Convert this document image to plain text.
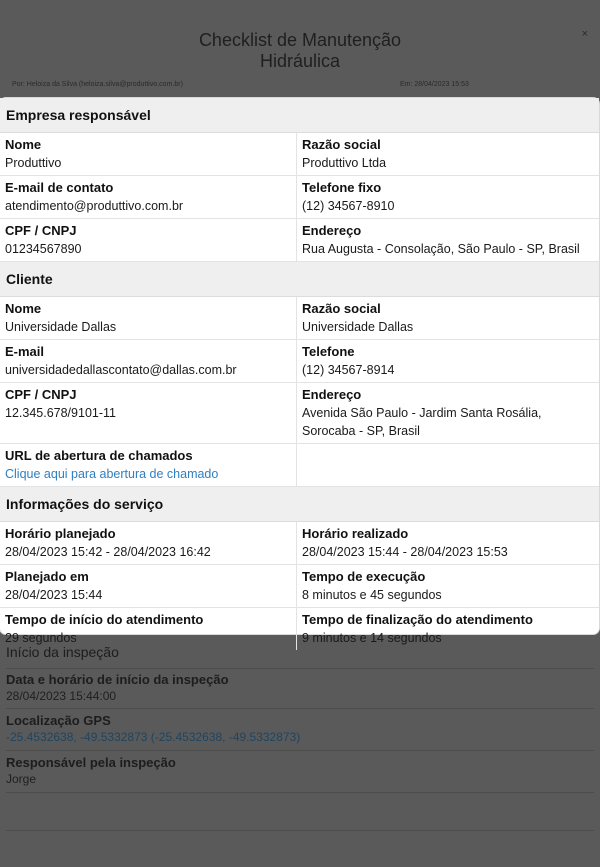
Checklist de Manutenção
Hidráulica
×
Por: Heloiza da Silva (heloiza.silva@produttivo.com.br)	Em: 28/04/2023 15:53
Início da inspeção
Data e horário de início da inspeção
28/04/2023 15:44:00
Localização GPS
-25.4532638, -49.5332873 (-25.4532638, -49.5332873)
Responsável pela inspeção
Jorge
Empresa responsável
Nome
Produttivo
Razão social
Produttivo Ltda
E-mail de contato
atendimento@produttivo.com.br
Telefone fixo
(12) 34567-8910
CPF / CNPJ
01234567890
Endereço
Rua Augusta - Consolação, São Paulo - SP, Brasil
Cliente
Nome
Universidade Dallas
Razão social
Universidade Dallas
E-mail
universidadedallascontato@dallas.com.br
Telefone
(12) 34567-8914
CPF / CNPJ
12.345.678/9101-11
Endereço
Avenida São Paulo - Jardim Santa Rosália,
Sorocaba - SP, Brasil
URL de abertura de chamados
Clique aqui para abertura de chamado
Informações do serviço
Horário planejado
28/04/2023 15:42 - 28/04/2023 16:42
Horário realizado
28/04/2023 15:44 - 28/04/2023 15:53
Planejado em
28/04/2023 15:44
Tempo de execução
8 minutos e 45 segundos
Tempo de início do atendimento
29 segundos
Tempo de finalização do atendimento
9 minutos e 14 segundos
